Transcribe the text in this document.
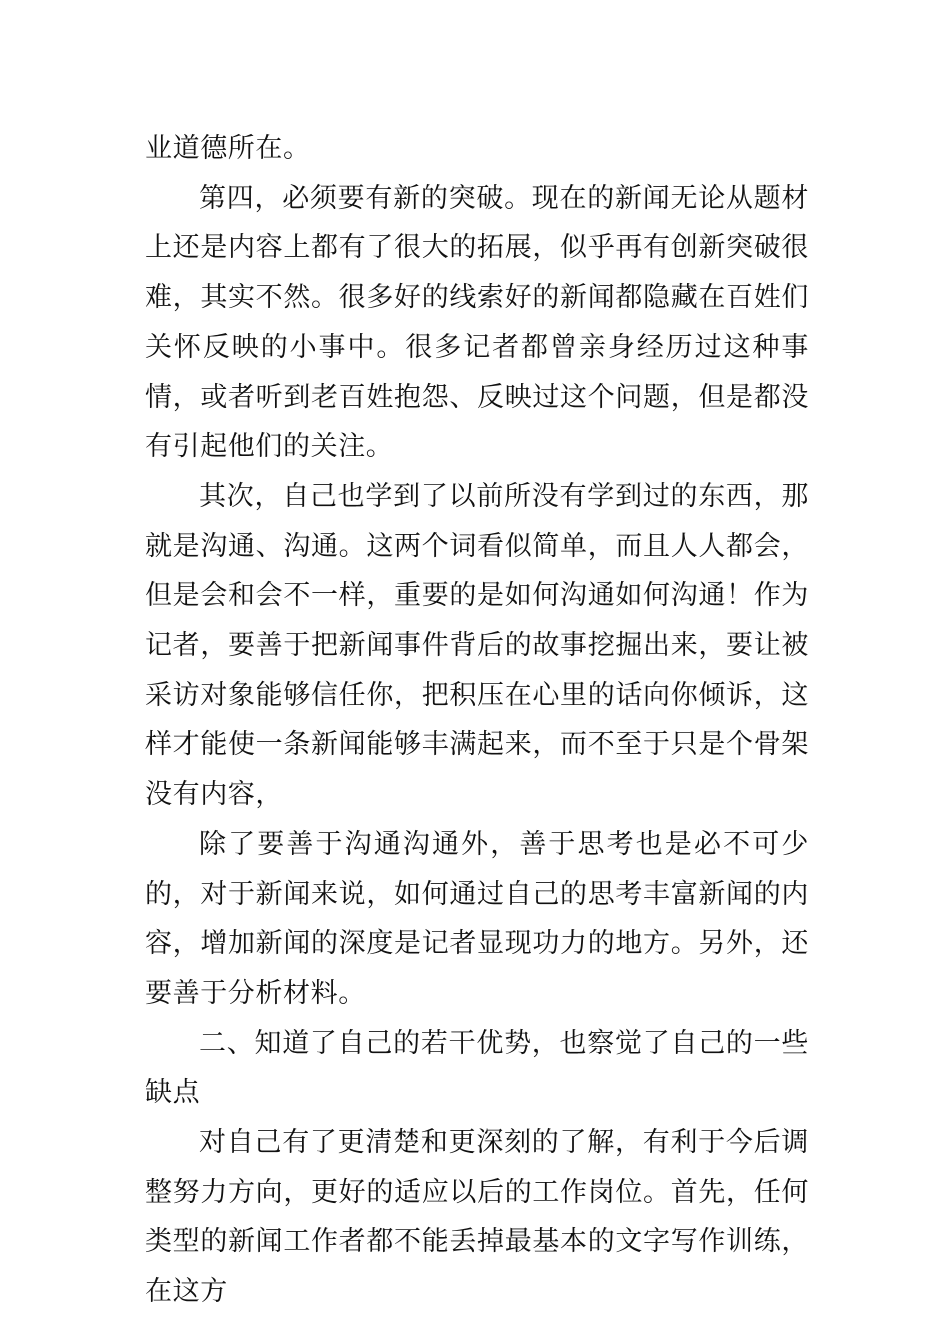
业道德所在。

第四，必须要有新的突破。现在的新闻无论从题材上还是内容上都有了很大的拓展，似乎再有创新突破很难，其实不然。很多好的线索好的新闻都隐藏在百姓们关怀反映的小事中。很多记者都曾亲身经历过这种事情，或者听到老百姓抱怨、反映过这个问题，但是都没有引起他们的关注。

其次，自己也学到了以前所没有学到过的东西，那就是沟通、沟通。这两个词看似简单，而且人人都会，但是会和会不一样，重要的是如何沟通如何沟通！作为记者，要善于把新闻事件背后的故事挖掘出来，要让被采访对象能够信任你，把积压在心里的话向你倾诉，这样才能使一条新闻能够丰满起来，而不至于只是个骨架没有内容，

除了要善于沟通沟通外，善于思考也是必不可少的，对于新闻来说，如何通过自己的思考丰富新闻的内容，增加新闻的深度是记者显现功力的地方。另外，还要善于分析材料。

二、知道了自己的若干优势，也察觉了自己的一些缺点

对自己有了更清楚和更深刻的了解，有利于今后调整努力方向，更好的适应以后的工作岗位。首先，任何类型的新闻工作者都不能丢掉最基本的文字写作训练，在这方
